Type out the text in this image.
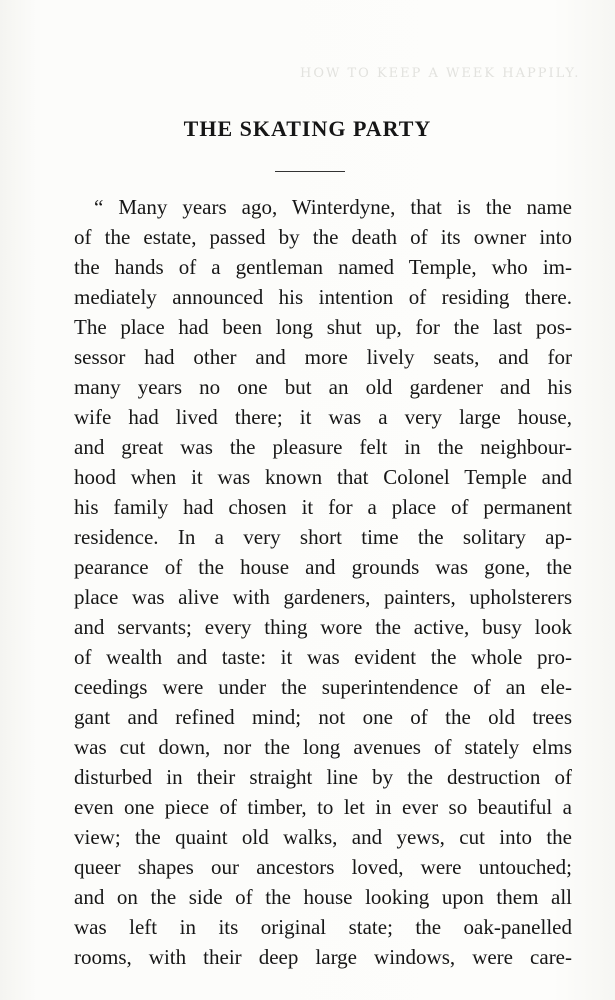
HOW TO KEEP A WEEK HAPPILY.
THE SKATING PARTY
“ Many years ago, Winterdyne, that is the name
of the estate, passed by the death of its owner into
the hands of a gentleman named Temple, who im-
mediately announced his intention of residing there.
The place had been long shut up, for the last pos-
sessor had other and more lively seats, and for
many years no one but an old gardener and his
wife had lived there; it was a very large house,
and great was the pleasure felt in the neighbour-
hood when it was known that Colonel Temple and
his family had chosen it for a place of permanent
residence. In a very short time the solitary ap-
pearance of the house and grounds was gone, the
place was alive with gardeners, painters, upholsterers
and servants; every thing wore the active, busy look
of wealth and taste: it was evident the whole pro-
ceedings were under the superintendence of an ele-
gant and refined mind; not one of the old trees
was cut down, nor the long avenues of stately elms
disturbed in their straight line by the destruction of
even one piece of timber, to let in ever so beautiful a
view; the quaint old walks, and yews, cut into the
queer shapes our ancestors loved, were untouched;
and on the side of the house looking upon them all
was left in its original state; the oak-panelled
rooms, with their deep large windows, were care-
